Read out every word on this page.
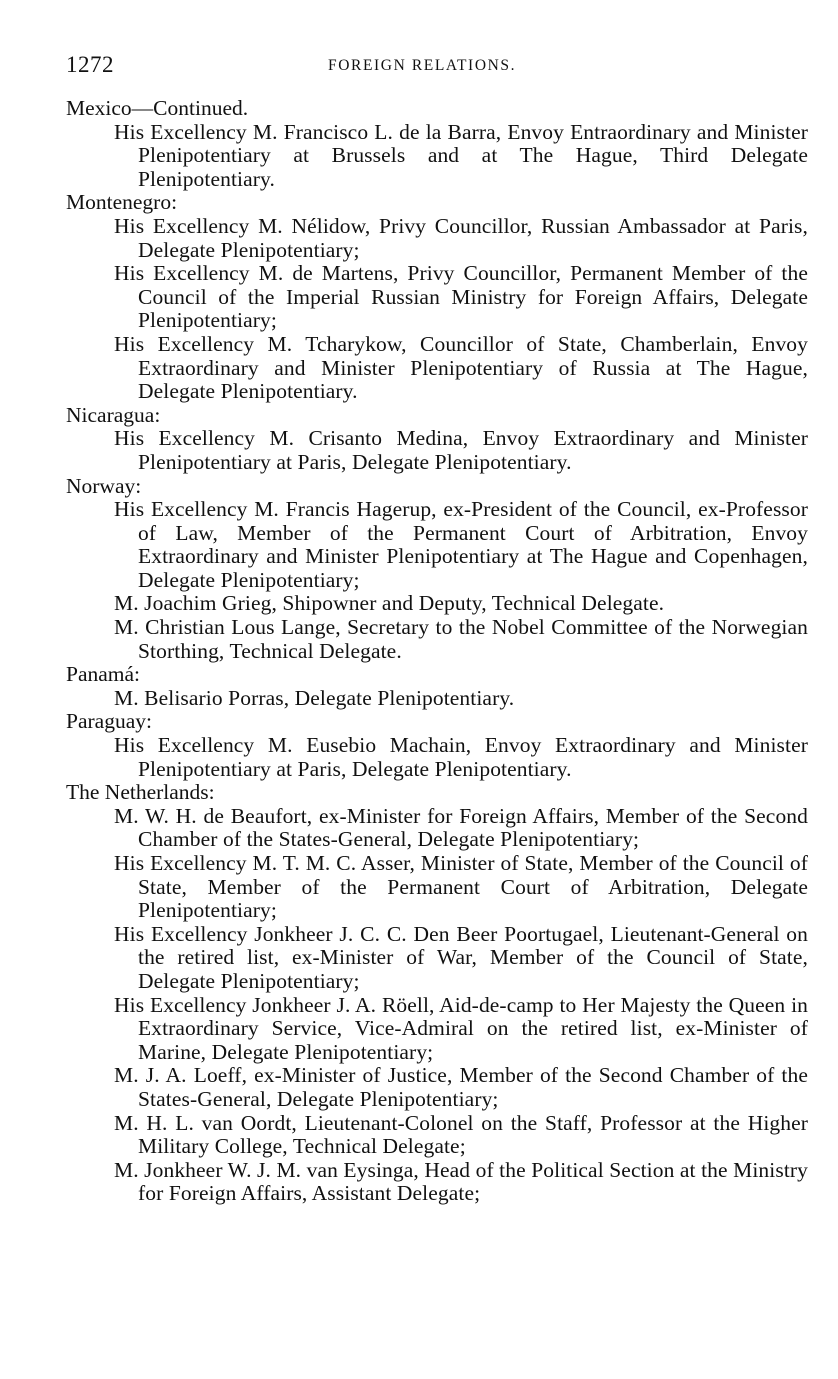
1272	FOREIGN RELATIONS.

Mexico—Continued.

His Excellency M. Francisco L. de la Barra, Envoy Entraordinary and Minister Plenipotentiary at Brussels and at The Hague, Third Delegate Plenipotentiary.

Montenegro:

His Excellency M. Nélidow, Privy Councillor, Russian Ambassador at Paris, Delegate Plenipotentiary;

His Excellency M. de Martens, Privy Councillor, Permanent Member of the Council of the Imperial Russian Ministry for Foreign Affairs, Delegate Plenipotentiary;

His Excellency M. Tcharykow, Councillor of State, Chamberlain, Envoy Extraordinary and Minister Plenipotentiary of Russia at The Hague, Delegate Plenipotentiary.

Nicaragua:

His Excellency M. Crisanto Medina, Envoy Extraordinary and Minister Plenipotentiary at Paris, Delegate Plenipotentiary.

Norway:

His Excellency M. Francis Hagerup, ex-President of the Council, ex-Professor of Law, Member of the Permanent Court of Arbitration, Envoy Extraordinary and Minister Plenipotentiary at The Hague and Copenhagen, Delegate Plenipotentiary;

M. Joachim Grieg, Shipowner and Deputy, Technical Delegate.

M. Christian Lous Lange, Secretary to the Nobel Committee of the Norwegian Storthing, Technical Delegate.

Panamá:

M. Belisario Porras, Delegate Plenipotentiary.

Paraguay:

His Excellency M. Eusebio Machain, Envoy Extraordinary and Minister Plenipotentiary at Paris, Delegate Plenipotentiary.

The Netherlands:

M. W. H. de Beaufort, ex-Minister for Foreign Affairs, Member of the Second Chamber of the States-General, Delegate Plenipotentiary;

His Excellency M. T. M. C. Asser, Minister of State, Member of the Council of State, Member of the Permanent Court of Arbitration, Delegate Plenipotentiary;

His Excellency Jonkheer J. C. C. Den Beer Poortugael, Lieutenant-General on the retired list, ex-Minister of War, Member of the Council of State, Delegate Plenipotentiary;

His Excellency Jonkheer J. A. Röell, Aid-de-camp to Her Majesty the Queen in Extraordinary Service, Vice-Admiral on the retired list, ex-Minister of Marine, Delegate Plenipotentiary;

M. J. A. Loeff, ex-Minister of Justice, Member of the Second Chamber of the States-General, Delegate Plenipotentiary;

M. H. L. van Oordt, Lieutenant-Colonel on the Staff, Professor at the Higher Military College, Technical Delegate;

M. Jonkheer W. J. M. van Eysinga, Head of the Political Section at the Ministry for Foreign Affairs, Assistant Delegate;
